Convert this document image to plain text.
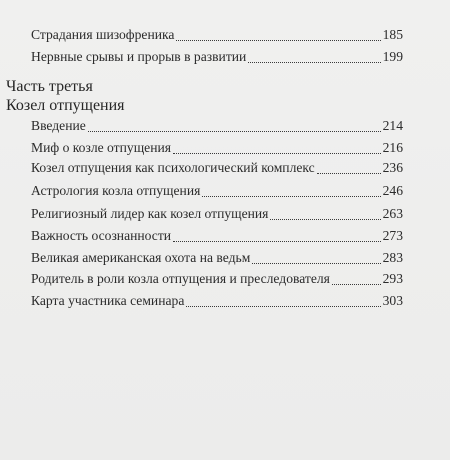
Страдания шизофреника	185
Нервные срывы и прорыв в развитии	199
Часть третья
Козел отпущения
Введение	214
Миф о козле отпущения	216
Козел отпущения как психологический комплекс	236
Астрология козла отпущения	246
Религиозный лидер как козел отпущения	263
Важность осознанности	273
Великая американская охота на ведьм	283
Родитель в роли козла отпущения и преследователя	293
Карта участника семинара	303
